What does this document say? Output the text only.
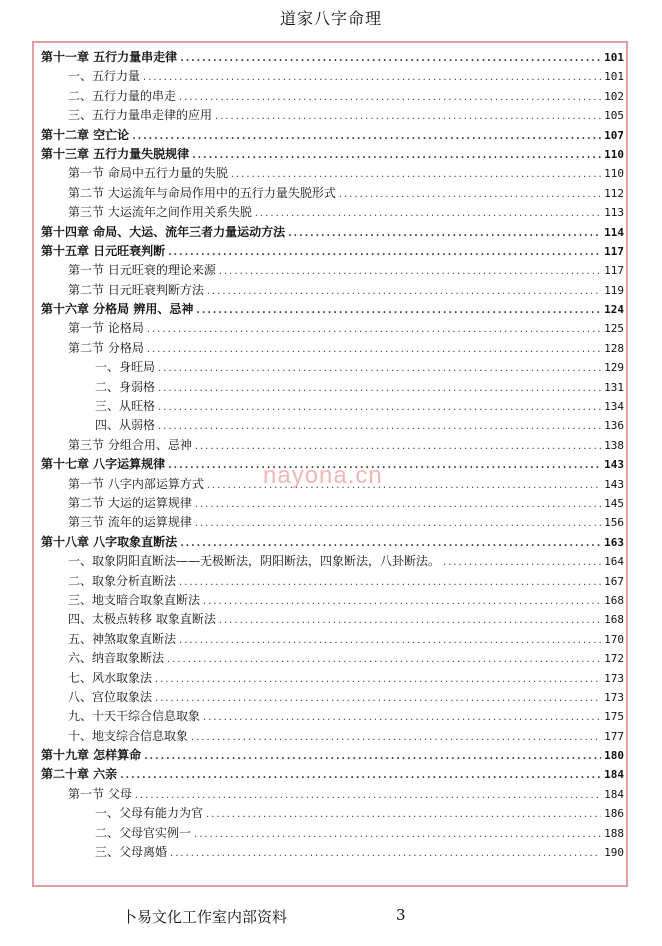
道家八字命理
第十一章 五行力量串走律 .....	101
一、五行力量 .....	101
二、五行力量的串走 .....	102
三、五行力量串走律的应用 .....	105
第十二章 空亡论 .....	107
第十三章 五行力量失脱规律 .....	110
第一节 命局中五行力量的失脱 .....	110
第二节 大运流年与命局作用中的五行力量失脱形式 .....	112
第三节 大运流年之间作用关系失脱 .....	113
第十四章 命局、大运、流年三者力量运动方法 .....	114
第十五章 日元旺衰判断 .....	117
第一节 日元旺衰的理论来源 .....	117
第二节 日元旺衰判断方法 .....	119
第十六章 分格局 辨用、忌神 .....	124
第一节 论格局 .....	125
第二节 分格局 .....	128
一、身旺局 .....	129
二、身弱格 .....	131
三、从旺格 .....	134
四、从弱格 .....	136
第三节 分组合用、忌神 .....	138
第十七章 八字运算规律 .....	143
第一节 八字内部运算方式 .....	143
第二节 大运的运算规律 .....	145
第三节 流年的运算规律 .....	156
第十八章 八字取象直断法 .....	163
一、取象阴阳直断法——无极断法，阴阳断法，四象断法，八卦断法。 .....	164
二、取象分析直断法 .....	167
三、地支暗合取象直断法 .....	168
四、太极点转移 取象直断法 .....	168
五、神煞取象直断法 .....	170
六、纳音取象断法 .....	172
七、风水取象法 .....	173
八、宫位取象法 .....	173
九、十天干综合信息取象 .....	175
十、地支综合信息取象 .....	177
第十九章 怎样算命 .....	180
第二十章 六亲 .....	184
第一节 父母 .....	184
一、父母有能力为官 .....	186
二、父母官实例一 .....	188
三、父母离婚 .....	190
nayona.cn
卜易文化工作室内部资料	3
